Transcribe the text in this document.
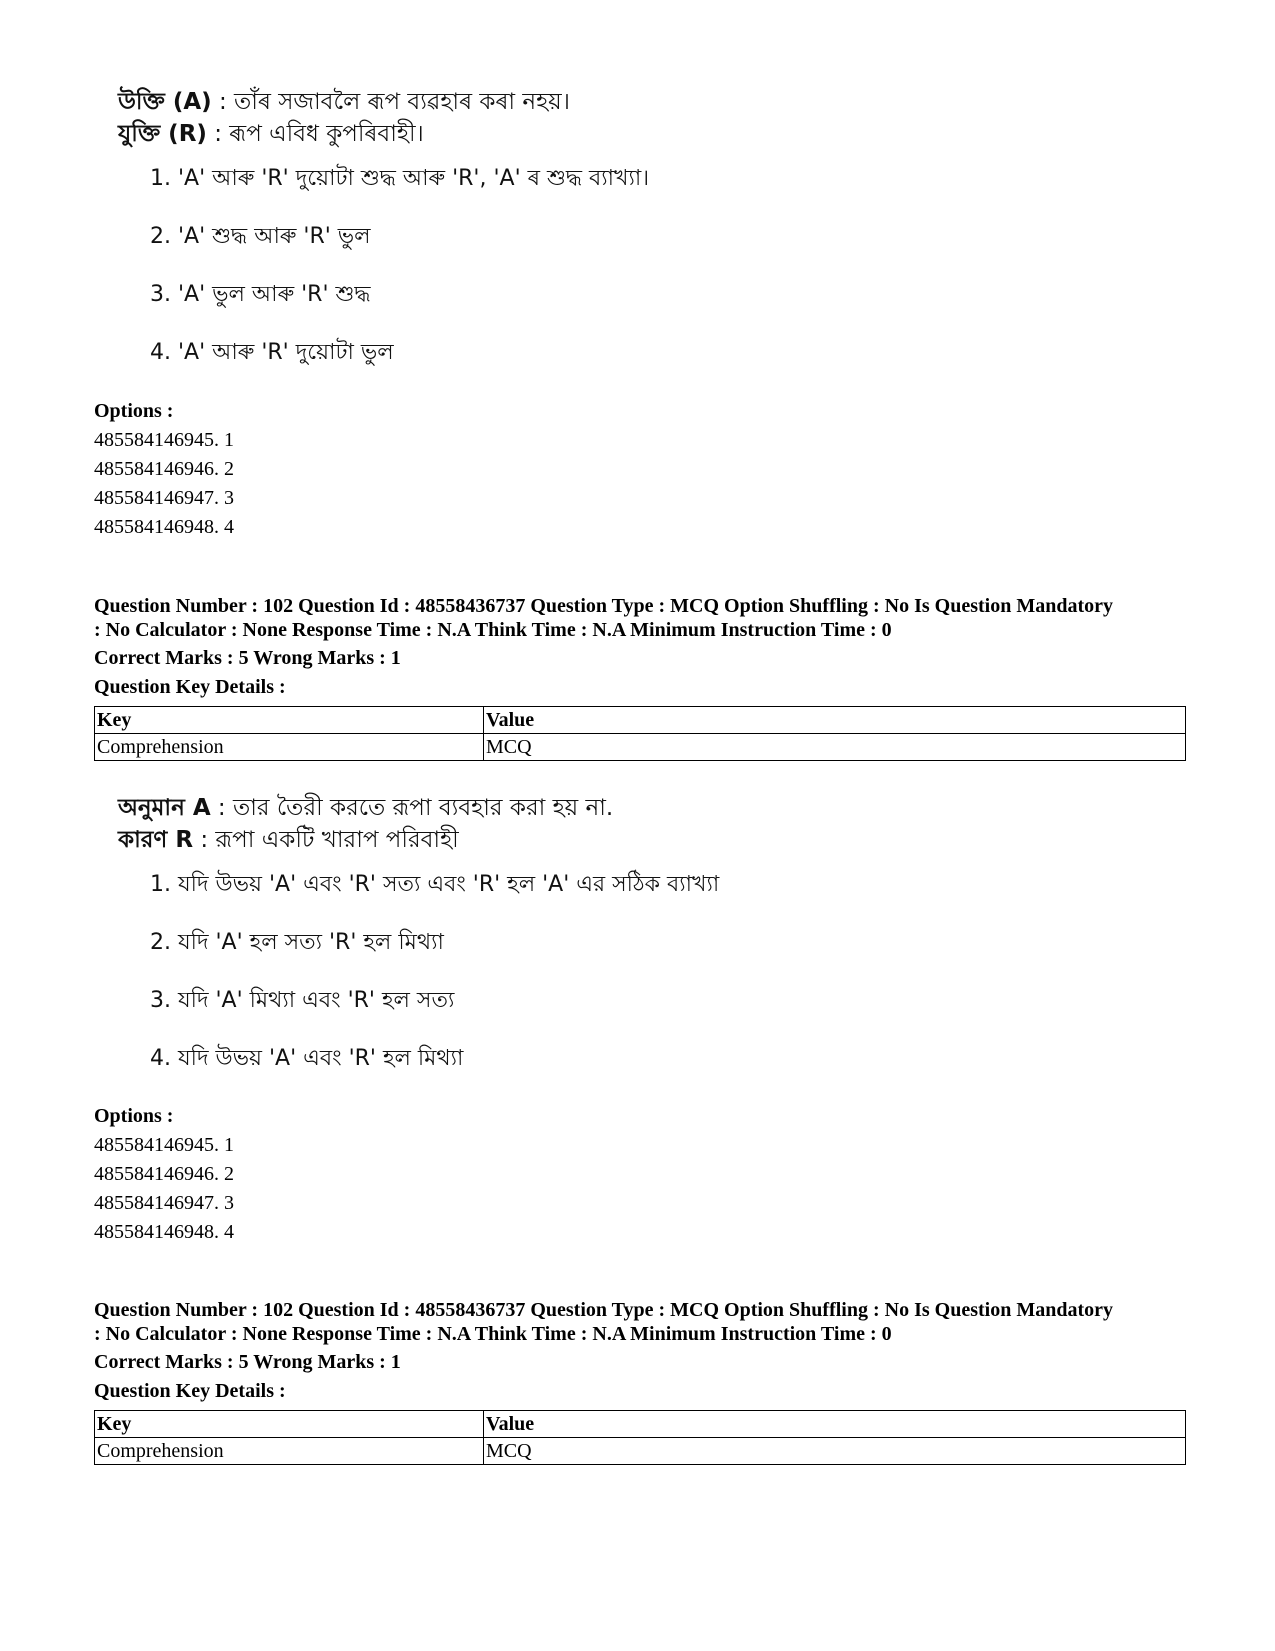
উক্তি (A) : তাঁৰ সজাবলৈ ৰূপ ব্যৱহাৰ কৰা নহয়।
যুক্তি (R) : ৰূপ এবিধ কুপৰিবাহী।
1. 'A' আৰু 'R' দুয়োটা শুদ্ধ আৰু 'R', 'A' ৰ শুদ্ধ ব্যাখ্যা।
2. 'A' শুদ্ধ আৰু 'R' ভুল
3. 'A' ভুল আৰু 'R' শুদ্ধ
4. 'A' আৰু 'R' দুয়োটা ভুল
Options :
485584146945. 1
485584146946. 2
485584146947. 3
485584146948. 4
Question Number : 102 Question Id : 48558436737 Question Type : MCQ Option Shuffling : No Is Question Mandatory
: No Calculator : None Response Time : N.A Think Time : N.A Minimum Instruction Time : 0
Correct Marks : 5 Wrong Marks : 1
Question Key Details :
Key	Value
Comprehension	MCQ
অনুমান A : তার তৈরী করতে রূপা ব্যবহার করা হয় না.
কারণ R : রূপা একটি খারাপ পরিবাহী
1. যদি উভয় 'A' এবং 'R' সত্য এবং 'R' হল 'A' এর সঠিক ব্যাখ্যা
2. যদি 'A' হল সত্য 'R' হল মিথ্যা
3. যদি 'A' মিথ্যা এবং 'R' হল সত্য
4. যদি উভয় 'A' এবং 'R' হল মিথ্যা
Options :
485584146945. 1
485584146946. 2
485584146947. 3
485584146948. 4
Question Number : 102 Question Id : 48558436737 Question Type : MCQ Option Shuffling : No Is Question Mandatory
: No Calculator : None Response Time : N.A Think Time : N.A Minimum Instruction Time : 0
Correct Marks : 5 Wrong Marks : 1
Question Key Details :
Key	Value
Comprehension	MCQ
